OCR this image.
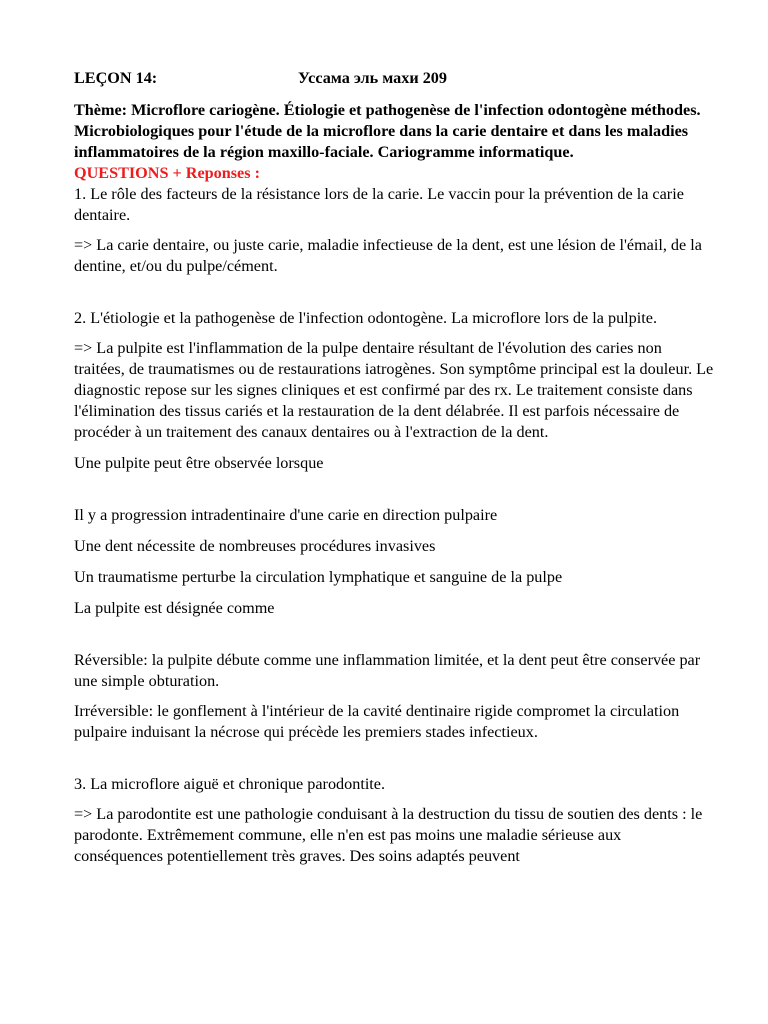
LEÇON 14:	Уссама эль махи 209

Thème: Microflore cariogène. Étiologie et pathogenèse de l'infection odontogène méthodes. Microbiologiques pour l'étude de la microflore dans la carie dentaire et dans les maladies inflammatoires de la région maxillo-faciale. Cariogramme informatique.

QUESTIONS + Reponses :

1. Le rôle des facteurs de la résistance lors de la carie. Le vaccin pour la prévention de la carie dentaire.

=> La carie dentaire, ou juste carie, maladie infectieuse de la dent, est une lésion de l'émail, de la dentine, et/ou du pulpe/cément.

2. L'étiologie et la pathogenèse de l'infection odontogène. La microflore lors de la pulpite.

=> La pulpite est l'inflammation de la pulpe dentaire résultant de l'évolution des caries non traitées, de traumatismes ou de restaurations iatrogènes. Son symptôme principal est la douleur. Le diagnostic repose sur les signes cliniques et est confirmé par des rx. Le traitement consiste dans l'élimination des tissus cariés et la restauration de la dent délabrée. Il est parfois nécessaire de procéder à un traitement des canaux dentaires ou à l'extraction de la dent.

Une pulpite peut être observée lorsque

Il y a progression intradentinaire d'une carie en direction pulpaire

Une dent nécessite de nombreuses procédures invasives

Un traumatisme perturbe la circulation lymphatique et sanguine de la pulpe

La pulpite est désignée comme

Réversible: la pulpite débute comme une inflammation limitée, et la dent peut être conservée par une simple obturation.

Irréversible: le gonflement à l'intérieur de la cavité dentinaire rigide compromet la circulation pulpaire induisant la nécrose qui précède les premiers stades infectieux.

3. La microflore aiguë et chronique parodontite.

=> La parodontite est une pathologie conduisant à la destruction du tissu de soutien des dents : le parodonte. Extrêmement commune, elle n'en est pas moins une maladie sérieuse aux conséquences potentiellement très graves. Des soins adaptés peuvent
